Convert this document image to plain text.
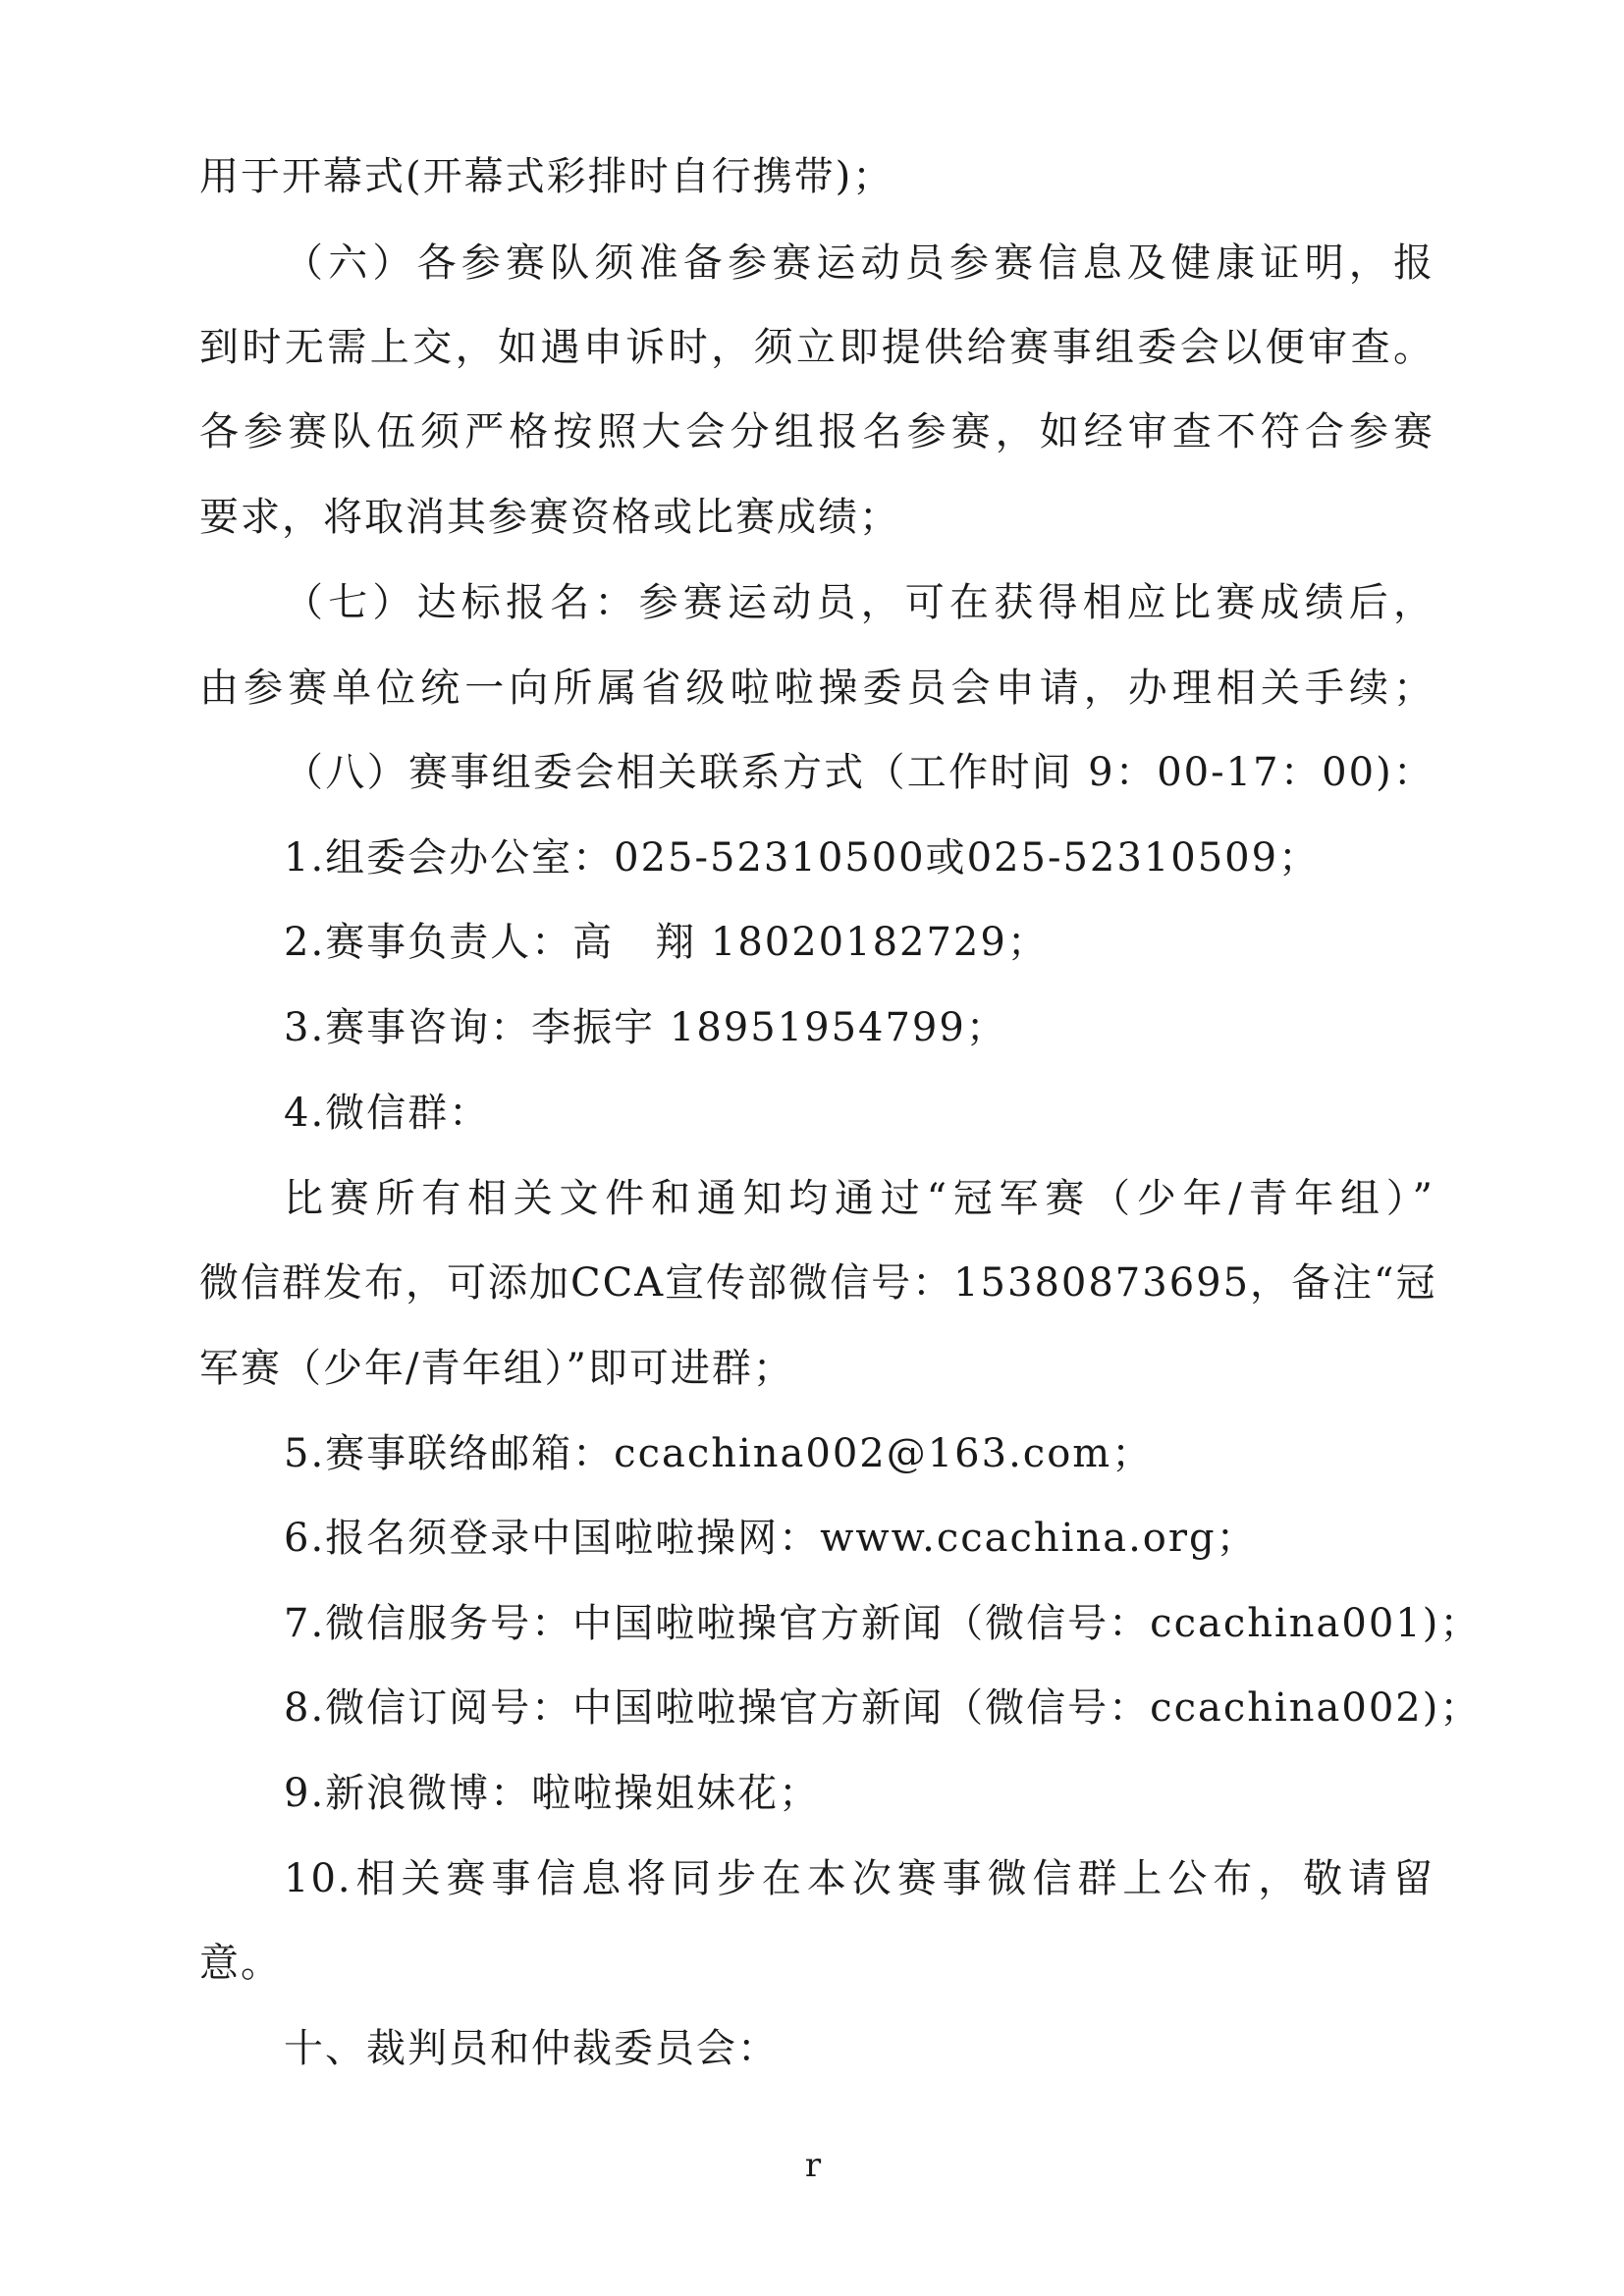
用于开幕式(开幕式彩排时自行携带)；
（六）各参赛队须准备参赛运动员参赛信息及健康证明，报
到时无需上交，如遇申诉时，须立即提供给赛事组委会以便审查。
各参赛队伍须严格按照大会分组报名参赛，如经审查不符合参赛
要求，将取消其参赛资格或比赛成绩；
（七）达标报名：参赛运动员，可在获得相应比赛成绩后，
由参赛单位统一向所属省级啦啦操委员会申请，办理相关手续；
（八）赛事组委会相关联系方式（工作时间 9：00-17：00)：
1.组委会办公室：025-52310500或025-52310509；
2.赛事负责人：高　翔 18020182729；
3.赛事咨询：李振宇 18951954799；
4.微信群：
比赛所有相关文件和通知均通过“冠军赛（少年/青年组）”
微信群发布，可添加CCA宣传部微信号：15380873695，备注“冠
军赛（少年/青年组）”即可进群；
5.赛事联络邮箱：ccachina002@163.com；
6.报名须登录中国啦啦操网：www.ccachina.org；
7.微信服务号：中国啦啦操官方新闻（微信号：ccachina001)；
8.微信订阅号：中国啦啦操官方新闻（微信号：ccachina002)；
9.新浪微博：啦啦操姐妹花；
10.相关赛事信息将同步在本次赛事微信群上公布，敬请留
意。
十、裁判员和仲裁委员会：
r
